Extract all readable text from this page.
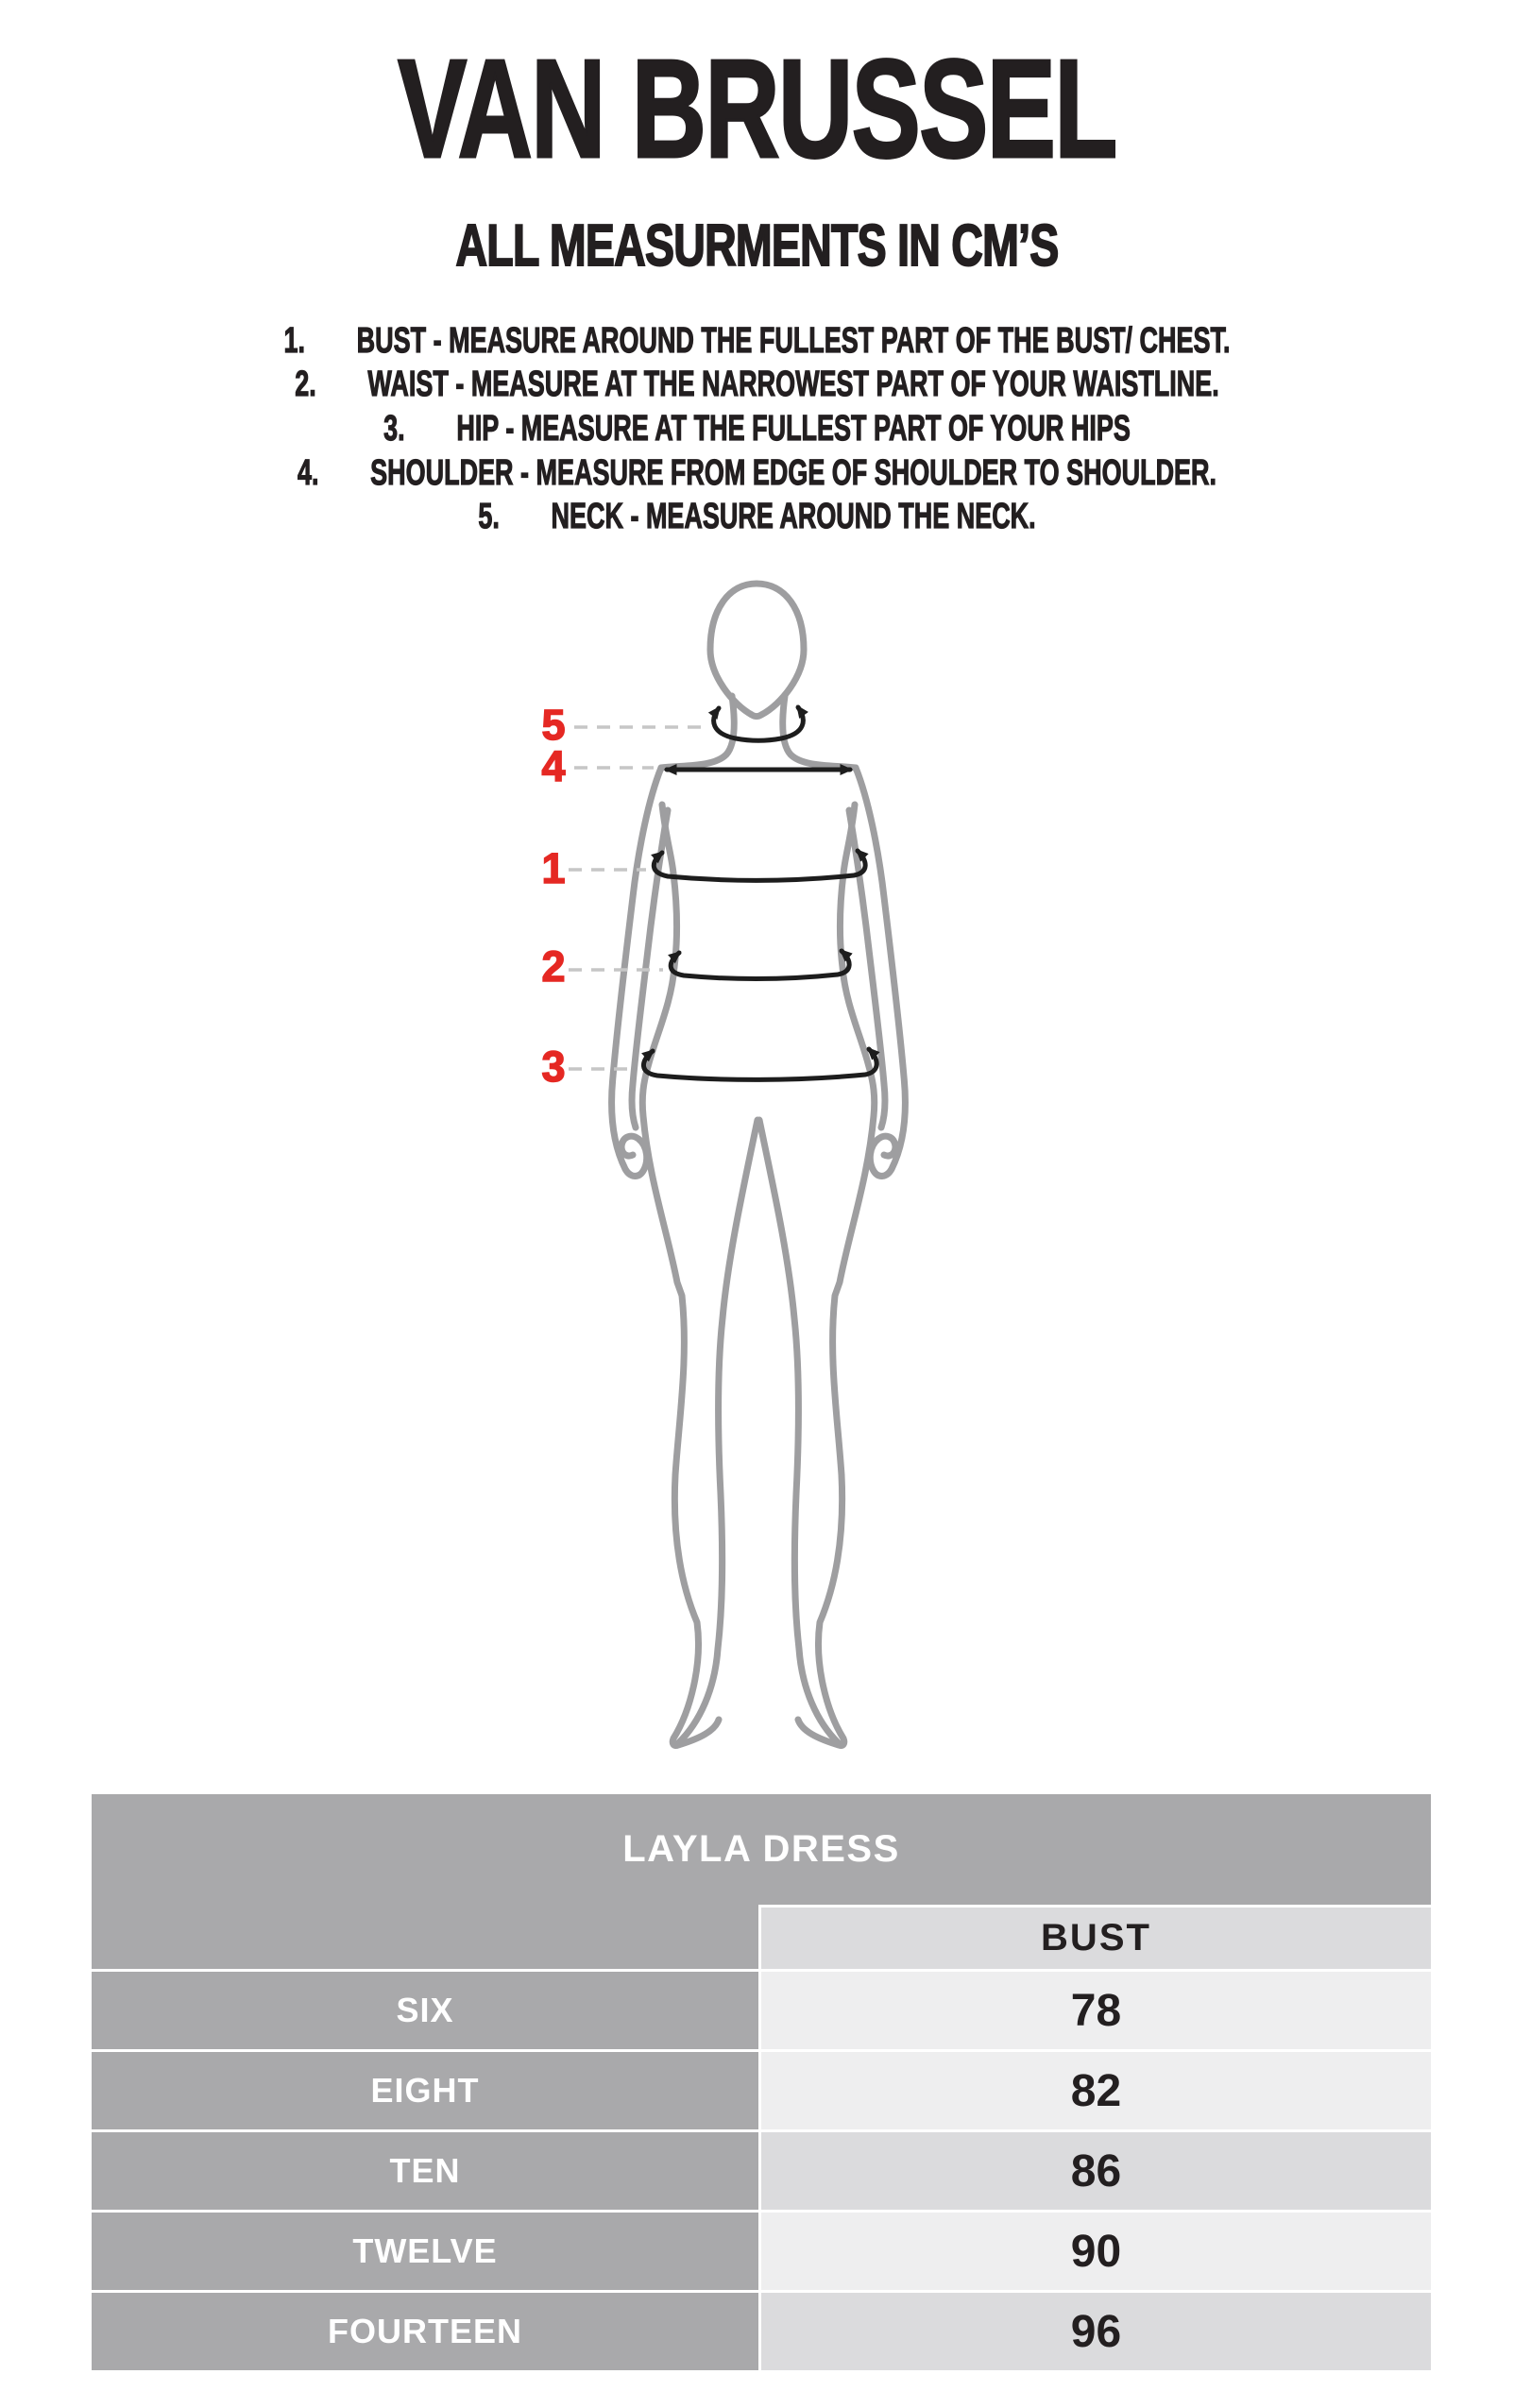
VAN BRUSSEL
ALL MEASURMENTS IN CM’S
1. BUST - MEASURE AROUND THE FULLEST PART OF THE BUST/ CHEST.
2. WAIST - MEASURE AT THE NARROWEST PART OF YOUR WAISTLINE.
3. HIP - MEASURE AT THE FULLEST PART OF YOUR HIPS
4. SHOULDER - MEASURE FROM EDGE OF SHOULDER TO SHOULDER.
5. NECK - MEASURE AROUND THE NECK.
5
4
1
2
3
LAYLA DRESS
BUST
SIX	78
EIGHT	82
TEN	86
TWELVE	90
FOURTEEN	96
